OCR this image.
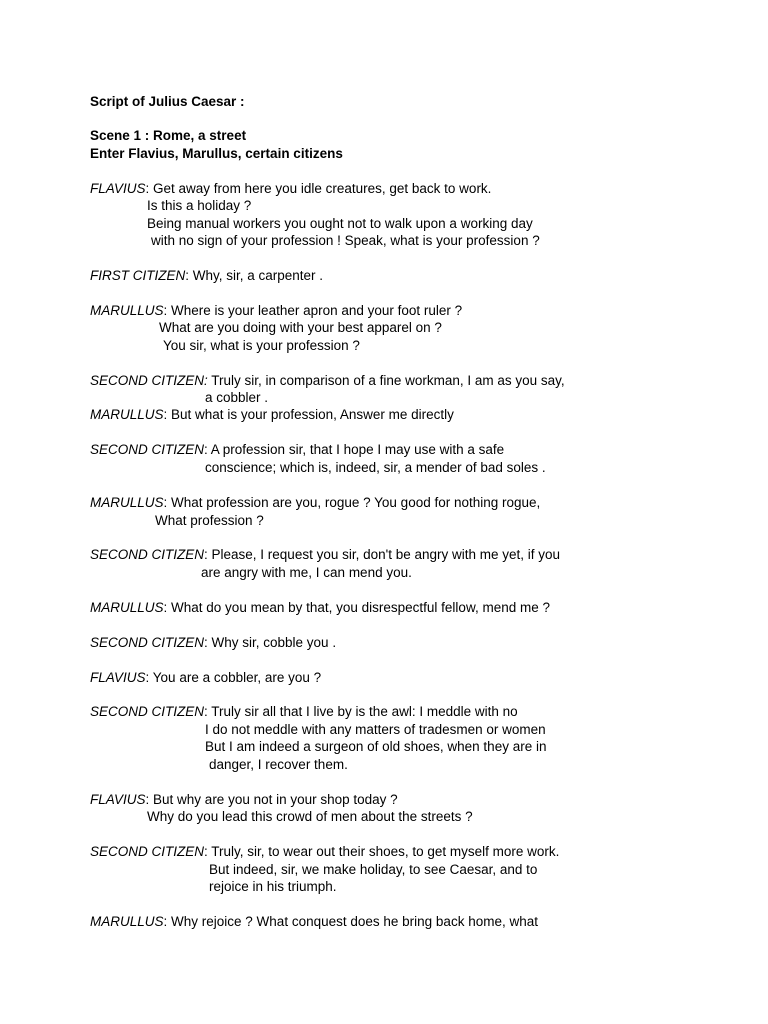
Script of Julius Caesar :

Scene 1 : Rome, a street

Enter Flavius, Marullus, certain citizens

FLAVIUS: Get away from here you idle creatures, get back to work.

Is this a holiday ?

Being manual workers you ought not to walk upon a working day

with no sign of your profession ! Speak, what is your profession ?

FIRST CITIZEN: Why, sir, a carpenter .

MARULLUS: Where is your leather apron and your foot ruler ?

What are you doing with your best apparel on ?

You sir, what is your profession ?

SECOND CITIZEN: Truly sir, in comparison of a fine workman, I am as you say,

a cobbler .

MARULLUS: But what is your profession, Answer me directly

SECOND CITIZEN: A profession sir, that I hope I may use with a safe

conscience; which is, indeed, sir, a mender of bad soles .

MARULLUS: What profession are you, rogue ? You good for nothing rogue,

What profession ?

SECOND CITIZEN: Please, I request you sir, don't be angry with me yet, if you

are angry with me, I can mend you.

MARULLUS: What do you mean by that, you disrespectful fellow, mend me ?

SECOND CITIZEN: Why sir, cobble you .

FLAVIUS: You are a cobbler, are you ?

SECOND CITIZEN: Truly sir all that I live by is the awl: I meddle with no

I do not meddle with any matters of tradesmen or women

But I am indeed a surgeon of old shoes, when they are in

danger, I recover them.

FLAVIUS: But why are you not in your shop today ?

Why do you lead this crowd of men about the streets ?

SECOND CITIZEN: Truly, sir, to wear out their shoes, to get myself more work.

But indeed, sir, we make holiday, to see Caesar, and to

rejoice in his triumph.

MARULLUS: Why rejoice ? What conquest does he bring back home, what
